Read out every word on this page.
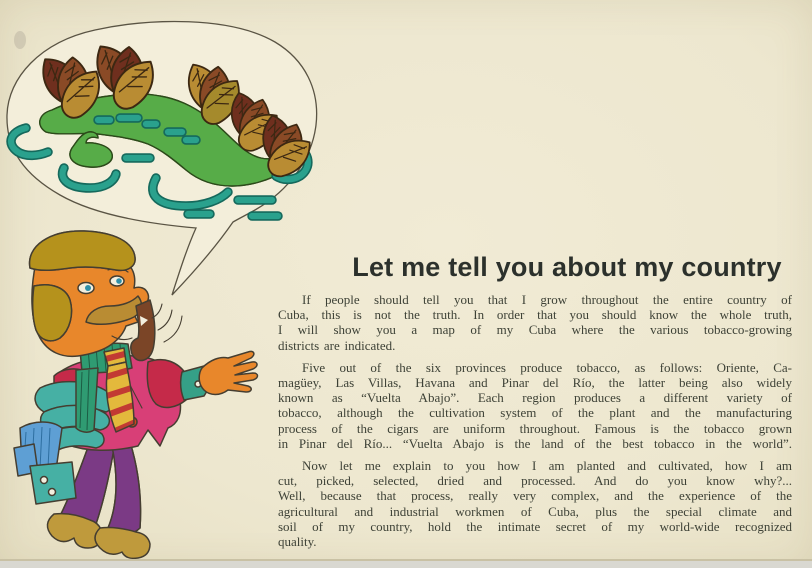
Let me tell you about my country
If people should tell you that I grow throughout the entire country of
Cuba, this is not the truth. In order that you should know the whole truth,
I will show you a map of my Cuba where the various tobacco-growing
districts are indicated.
Five out of the six provinces produce tobacco, as follows: Oriente, Ca-
magüey, Las Villas, Havana and Pinar del Río, the latter being also widely
known as “Vuelta Abajo”. Each region produces a different variety of
tobacco, although the cultivation system of the plant and the manufacturing
process of the cigars are uniform throughout. Famous is the tobacco grown
in Pinar del Río... “Vuelta Abajo is the land of the best tobacco in the world”.
Now let me explain to you how I am planted and cultivated, how I am
cut, picked, selected, dried and processed. And do you know why?...
Well, because that process, really very complex, and the experience of the
agricultural and industrial workmen of Cuba, plus the special climate and
soil of my country, hold the intimate secret of my world-wide recognized
quality.
